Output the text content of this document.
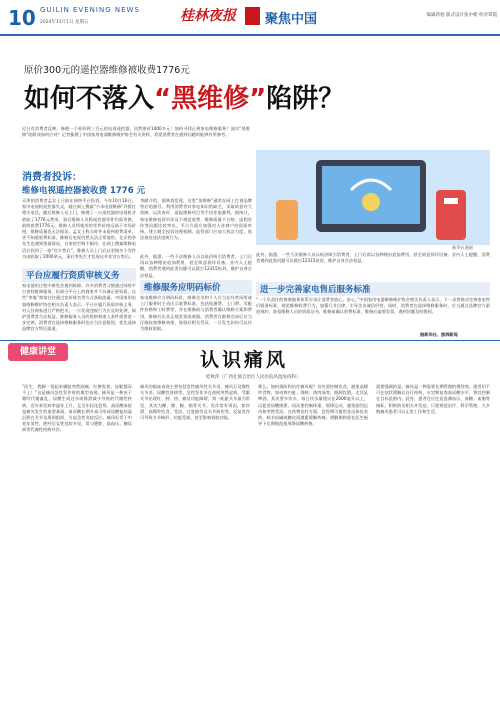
10 GUILIN EVENING NEWS
2024年11月1日 星期五	桂林夜报 聚焦中国	编辑蒋旭 版式设计张中朝 校对覃霞
原价300元的遥控器维修被收费1776元
如何不落入“黑维修”陷阱？
近日有消费者反映，修理一个原价两三百元的电视遥控器，居然要价1000多元！如何寻找正规家电维修服务？面对“黑维修”陷阱该如何应对？记者梳理了中国家用电器维修维护协会有关资料，希望消费者在遇到问题时能够有所参考。
消费者投诉：
维修电视遥控器被收费 1776 元
天津的消费者孟女士日前在网络平台投诉，今年10月16日，家中电视机遥控器失灵，她在网上搜索“小米电视维修”并拨打相关电话，随后维修人员上门，修理了一台遥控器的电视机并收取了1776元费用。事后维修人员称遥控器零件均需更换，最终收费1776元。维修人员所使用的零件价格远高于市场价格，维修质量也无法保证。孟女士称当时并未看到收费清单，更不知道收费标准，维修后电视仍然无法正常使用。北京的李先生也遇到类似情况，自家的空调不制冷，在网上搜索维修电话后找到了一家“官方售后”，维修人员上门后以更换多个零件为由收取了2000余元，事后李先生才发现这并非官方售后。
平台应履行资质审核义务
家电使用过程中难免会遇到故障，许多消费者习惯通过网络平台查找维修服务，但部分平台上的商家并不具备正规资质，这些“李鬼”商家往往通过竞价排名等方式获取流量。中国家用电器维修维护协会相关负责人表示，平台应履行资质审核义务，对入驻商家进行严格把关，一旦发现违规行为应及时处理，保护消费者合法权益。维修服务人员的资格和准入条件需要进一步完善，消费者在选择维修服务时也应当注意甄别，优先选择品牌官方售后渠道。
李献介绍，据调查发现，这类“黑维修”通常在网上打着品牌售后的旗号，利用消费者对家电知识的缺乏，采取故意夸大故障、以次充好、虚报维修项目等手段牟取暴利。据统计，家电维修投诉中涉及不规范收费、维修质量不合格、虚假宣传等问题比较突出。平台方面应加强对入驻商户的资质审核，建立健全投诉处理机制；监管部门应加大执法力度，依法查处违法违规行为。
新华社漫画
此外，据悉，一些不法维修人员以低价吸引消费者，上门后再以各种理由追加费用，甚至故意损坏设备。业内人士提醒，消费者遇到此类问题可以拨打12315投诉，维护自身合法权益。
维修服务应明码标价
家电维修应当明码标价，维修企业和个人应当在经营场所或上门服务时主动出示收费标准，包括检测费、上门费、零配件价格和工时费等，并在维修前与消费者确认维修方案和费用，维修后出具正规发票或收据。消费者在维修完成后应当仔细检查维修效果，保留好相关凭证，一旦发生纠纷可以作为维权依据。
此外，据悉，一些不法维修人员以低价吸引消费者，上门后再以各种理由追加费用，甚至故意损坏设备。业内人士提醒，消费者遇到此类问题可以拨打12315投诉，维护自身合法权益。
进一步完善家电售后服务标准
“一个负责任的维修服务体系应该让消费者放心、安心。”中国家用电器维修维护协会相关负责人表示，下一步将推动完善家电售后服务标准，规范维修收费行为，加强行业自律，引导企业诚信经营。同时，消费者在选择维修服务时，应当通过品牌官方渠道预约，查看维修人员的资质证书，维修前确认收费标准，维修后索要发票，遇到问题及时维权。
据新华社、澎湃新闻
健康讲堂	认识痛风
桂秋萍（广西壮族自治区人民医院风湿免疫科）
“医生，我脚一觉起来脚趾突然剧痛，红肿发热，连鞋都穿不上！”这是痛风急性发作时的典型表现。痛风是一种由于嘌呤代谢紊乱、尿酸生成过多或排泄减少导致的代谢性疾病，近年来发病率逐年上升，且呈年轻化趋势。高尿酸血症是痛风发生的重要基础，血尿酸长期升高可形成尿酸盐结晶沉积在关节及周围组织，引起急性炎症反应。痛风好发于中老年男性，绝经后女性也较多见，常与肥胖、高血压、糖尿病等代谢性疾病并存。
痛风的临床表现主要包括急性痛风性关节炎、痛风石及慢性关节炎、尿酸性肾病等。急性发作多在夜间突然起病，受累关节出现红、肿、热、痛及功能障碍，第一跖趾关节最为常见，其次为踝、膝、腕、指等关节。发作常有诱因，如饮酒、高嘌呤饮食、受凉、过度疲劳及关节损伤等。反复发作可导致关节畸形、功能受损，甚至影响肾脏功能。
那么，如何预防和治疗痛风呢？首先要控制饮食，避免高嘌呤食物，如动物内脏、海鲜、浓肉汤等，限制饮酒，尤其是啤酒。其次要多饮水，每日饮水量建议在2000毫升以上，以促进尿酸排泄。再次要控制体重、规律运动，避免剧烈运动和突然受凉。在药物治疗方面，急性期可使用非甾体抗炎药、秋水仙碱或糖皮质激素缓解疼痛，缓解期则需在医生指导下长期规范使用降尿酸药物。
需要强调的是，痛风是一种需要长期管理的慢性病，患者切不可在症状缓解后自行停药，应定期复查血尿酸水平，将其控制在目标范围内。此外，患者还应注意监测血压、血糖、血脂等指标，积极防治相关并发症。只要规范治疗、科学管理，大多数痛风患者可以正常工作和生活。
